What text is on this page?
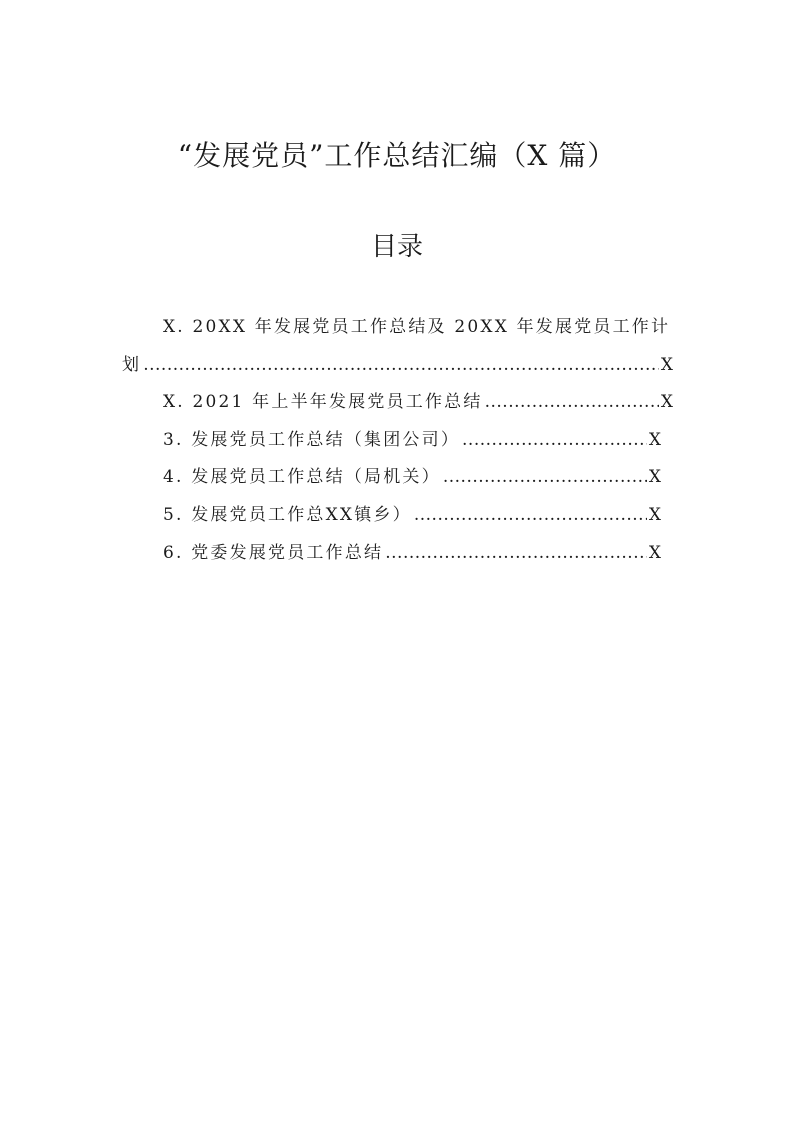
“发展党员”工作总结汇编（X 篇）
目录
X. 20XX 年发展党员工作总结及 20XX 年发展党员工作计
划 .....	X
X. 2021 年上半年发展党员工作总结 .....	X
3. 发展党员工作总结（集团公司） .....	X
4. 发展党员工作总结（局机关） .....	X
5. 发展党员工作总XX镇乡） .....	X
6. 党委发展党员工作总结 .....	X
